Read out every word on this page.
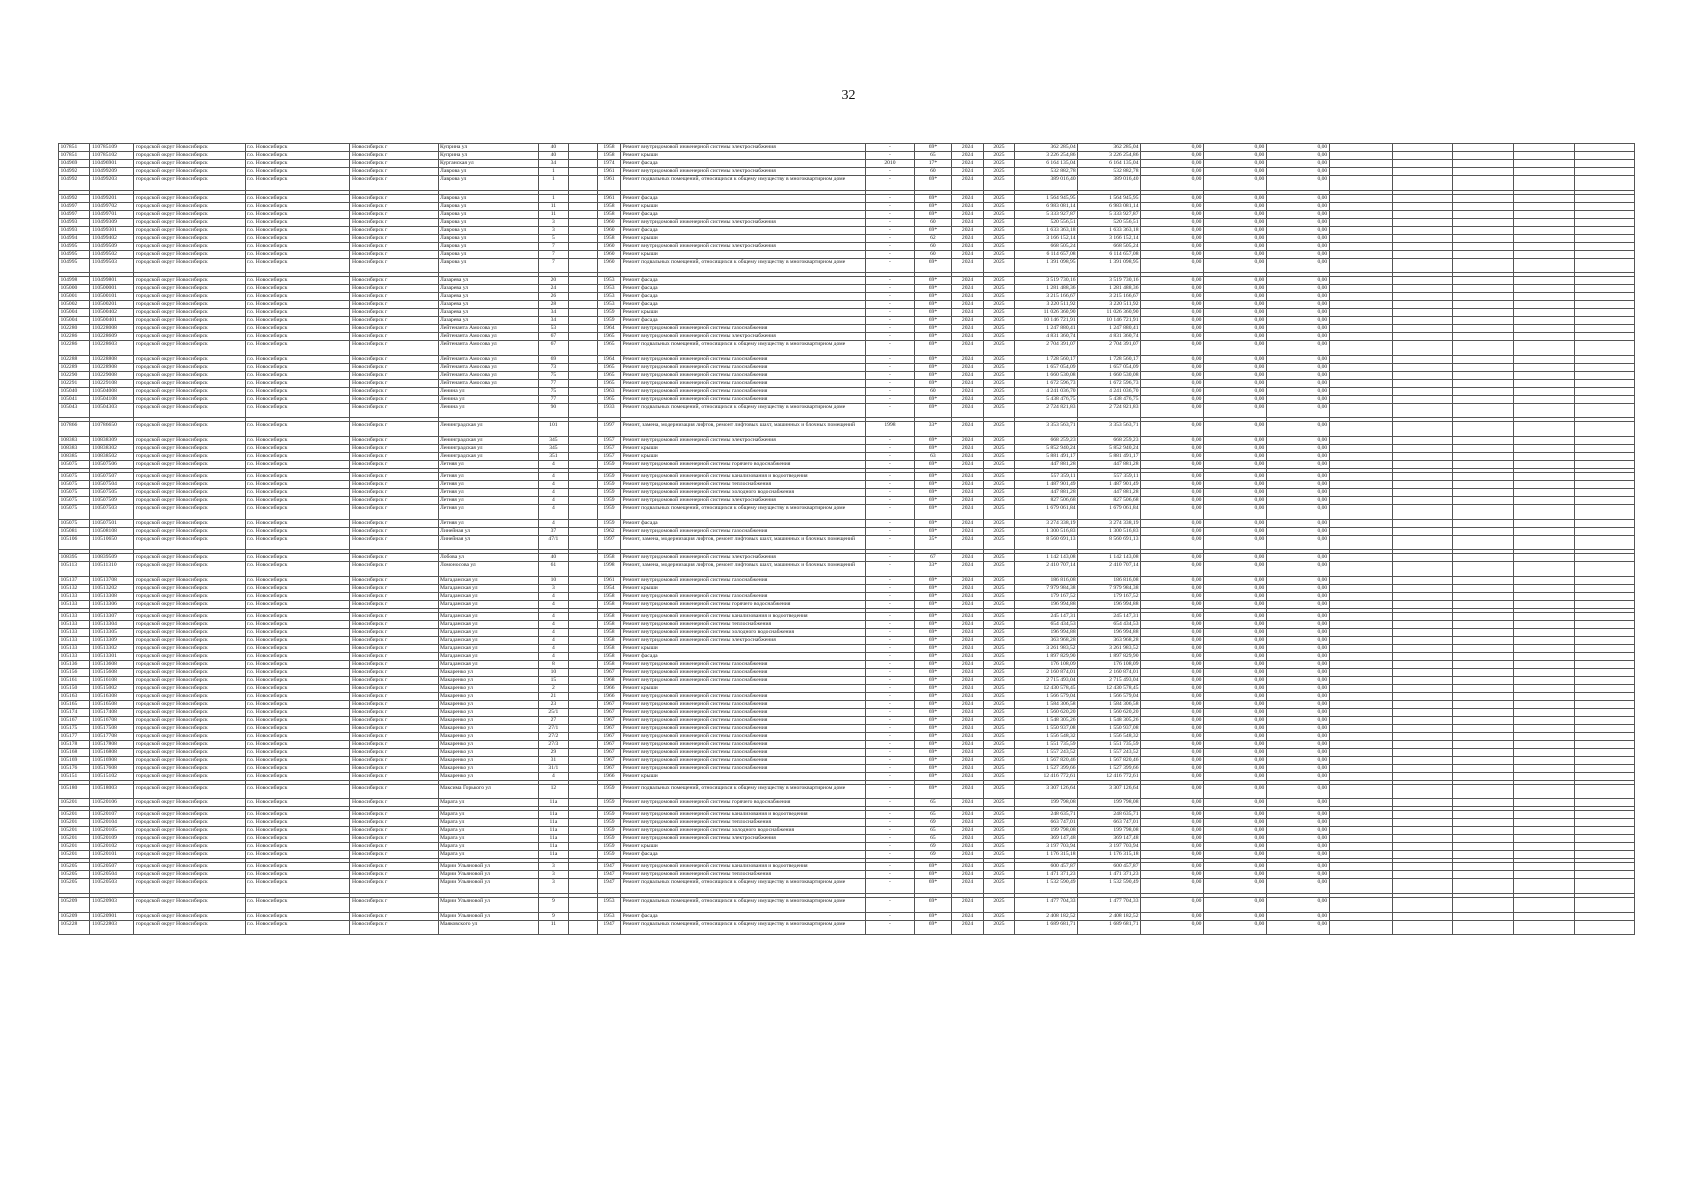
32
107851	110785109	городской округ Новосибирск	г.о. Новосибирск	Новосибирск г	Куприна ул	40		1958	Ремонт внутридомовой инженерной системы электроснабжения	-	69*	2024	2025	362 285,04	362 285,04	0,00	0,00	0,00					
107851	110785102	городской округ Новосибирск	г.о. Новосибирск	Новосибирск г	Куприна ул	40		1958	Ремонт крыши	-	65	2024	2025	3 226 254,86	3 226 254,86	0,00	0,00	0,00					
104969	110496901	городской округ Новосибирск	г.о. Новосибирск	Новосибирск г	Курганская ул	34		1974	Ремонт фасада	2010	17*	2024	2025	6 164 135,04	6 164 135,04	0,00	0,00	0,00					
104992	110499209	городской округ Новосибирск	г.о. Новосибирск	Новосибирск г	Лаврова ул	1		1961	Ремонт внутридомовой инженерной системы электроснабжения	-	60	2024	2025	532 882,78	532 882,78	0,00	0,00	0,00					
104992	110499203	городской округ Новосибирск	г.о. Новосибирск	Новосибирск г	Лаврова ул	1		1961	Ремонт подвальных помещений, относящихся к общему имуществу в многоквартирном доме	-	69*	2024	2025	389 016,40	389 016,40	0,00	0,00	0,00					

104992	110499201	городской округ Новосибирск	г.о. Новосибирск	Новосибирск г	Лаврова ул	1		1961	Ремонт фасада	-	69*	2024	2025	1 564 945,95	1 564 945,95	0,00	0,00	0,00					
104997	110499702	городской округ Новосибирск	г.о. Новосибирск	Новосибирск г	Лаврова ул	11		1958	Ремонт крыши	-	69*	2024	2025	6 983 081,14	6 983 081,14	0,00	0,00	0,00					
104997	110499701	городской округ Новосибирск	г.о. Новосибирск	Новосибирск г	Лаврова ул	11		1958	Ремонт фасада	-	69*	2024	2025	5 333 927,87	5 333 927,87	0,00	0,00	0,00					
104993	110499309	городской округ Новосибирск	г.о. Новосибирск	Новосибирск г	Лаврова ул	3		1960	Ремонт внутридомовой инженерной системы электроснабжения	-	60	2024	2025	520 556,51	520 556,51	0,00	0,00	0,00					
104993	110499301	городской округ Новосибирск	г.о. Новосибирск	Новосибирск г	Лаврова ул	3		1960	Ремонт фасада	-	69*	2024	2025	1 633 363,18	1 633 363,18	0,00	0,00	0,00					
104994	110499402	городской округ Новосибирск	г.о. Новосибирск	Новосибирск г	Лаврова ул	5		1958	Ремонт крыши	-	62	2024	2025	3 166 152,14	3 166 152,14	0,00	0,00	0,00					
104995	110499509	городской округ Новосибирск	г.о. Новосибирск	Новосибирск г	Лаврова ул	7		1960	Ремонт внутридомовой инженерной системы электроснабжения	-	60	2024	2025	668 505,24	668 505,24	0,00	0,00	0,00					
104995	110499502	городской округ Новосибирск	г.о. Новосибирск	Новосибирск г	Лаврова ул	7		1960	Ремонт крыши	-	60	2024	2025	6 114 657,08	6 114 657,08	0,00	0,00	0,00					
104995	110499503	городской округ Новосибирск	г.о. Новосибирск	Новосибирск г	Лаврова ул	7		1960	Ремонт подвальных помещений, относящихся к общему имуществу в многоквартирном доме	-	69*	2024	2025	1 391 098,95	1 391 098,95	0,00	0,00	0,00					

104998	110499801	городской округ Новосибирск	г.о. Новосибирск	Новосибирск г	Лазарева ул	20		1953	Ремонт фасада	-	69*	2024	2025	3 519 730,16	3 519 730,16	0,00	0,00	0,00					
105000	110500001	городской округ Новосибирск	г.о. Новосибирск	Новосибирск г	Лазарева ул	24		1953	Ремонт фасада	-	69*	2024	2025	1 281 488,36	1 281 488,36	0,00	0,00	0,00					
105001	110500101	городской округ Новосибирск	г.о. Новосибирск	Новосибирск г	Лазарева ул	26		1953	Ремонт фасада	-	69*	2024	2025	3 215 166,67	3 215 166,67	0,00	0,00	0,00					
105002	110500201	городской округ Новосибирск	г.о. Новосибирск	Новосибирск г	Лазарева ул	28		1953	Ремонт фасада	-	69*	2024	2025	3 220 511,92	3 220 511,92	0,00	0,00	0,00					
105004	110500402	городской округ Новосибирск	г.о. Новосибирск	Новосибирск г	Лазарева ул	34		1959	Ремонт крыши	-	69*	2024	2025	11 026 360,90	11 026 360,90	0,00	0,00	0,00					
105004	110500401	городской округ Новосибирск	г.о. Новосибирск	Новосибирск г	Лазарева ул	34		1959	Ремонт фасада	-	69*	2024	2025	10 146 721,91	10 146 721,91	0,00	0,00	0,00					
102280	110228008	городской округ Новосибирск	г.о. Новосибирск	Новосибирск г	Лейтенанта Амосова ул	53		1964	Ремонт внутридомовой инженерной системы газоснабжения	-	69*	2024	2025	1 247 880,41	1 247 880,41	0,00	0,00	0,00					
102286	110228609	городской округ Новосибирск	г.о. Новосибирск	Новосибирск г	Лейтенанта Амосова ул	67		1965	Ремонт внутридомовой инженерной системы электроснабжения	-	69*	2024	2025	4 831 360,74	4 831 360,74	0,00	0,00	0,00					
102286	110228603	городской округ Новосибирск	г.о. Новосибирск	Новосибирск г	Лейтенанта Амосова ул	67		1965	Ремонт подвальных помещений, относящихся к общему имуществу в многоквартирном доме	-	69*	2024	2025	2 704 391,07	2 704 391,07	0,00	0,00	0,00					
102288	110228808	городской округ Новосибирск	г.о. Новосибирск	Новосибирск г	Лейтенанта Амосова ул	69		1964	Ремонт внутридомовой инженерной системы газоснабжения	-	69*	2024	2025	1 728 560,17	1 728 560,17	0,00	0,00	0,00					
102289	110228908	городской округ Новосибирск	г.о. Новосибирск	Новосибирск г	Лейтенанта Амосова ул	73		1965	Ремонт внутридомовой инженерной системы газоснабжения	-	69*	2024	2025	1 657 054,09	1 657 054,09	0,00	0,00	0,00					
102290	110229008	городской округ Новосибирск	г.о. Новосибирск	Новосибирск г	Лейтенанта Амосова ул	75		1965	Ремонт внутридомовой инженерной системы газоснабжения	-	69*	2024	2025	1 660 530,08	1 660 530,08	0,00	0,00	0,00					
102291	110229108	городской округ Новосибирск	г.о. Новосибирск	Новосибирск г	Лейтенанта Амосова ул	77		1965	Ремонт внутридомовой инженерной системы газоснабжения	-	69*	2024	2025	1 672 596,73	1 672 596,73	0,00	0,00	0,00					
105040	110504008	городской округ Новосибирск	г.о. Новосибирск	Новосибирск г	Ленина ул	75		1963	Ремонт внутридомовой инженерной системы газоснабжения	-	60	2024	2025	4 241 036,70	4 241 036,70	0,00	0,00	0,00					
105041	110504108	городской округ Новосибирск	г.о. Новосибирск	Новосибирск г	Ленина ул	77		1965	Ремонт внутридомовой инженерной системы газоснабжения	-	69*	2024	2025	5 438 476,75	5 438 476,75	0,00	0,00	0,00					
105043	110504303	городской округ Новосибирск	г.о. Новосибирск	Новосибирск г	Ленина ул	90		1933	Ремонт подвальных помещений, относящихся к общему имуществу в многоквартирном доме	-	69*	2024	2025	2 724 821,83	2 724 821,83	0,00	0,00	0,00					

107866	110786650	городской округ Новосибирск	г.о. Новосибирск	Новосибирск г	Ленинградская ул	101		1997	Ремонт, замена, модернизация лифтов, ремонт лифтовых шахт, машинных и блочных помещений	1998	33*	2024	2025	3 353 563,71	3 353 563,71	0,00	0,00	0,00					
108383	110838309	городской округ Новосибирск	г.о. Новосибирск	Новосибирск г	Ленинградская ул	345		1957	Ремонт внутридомовой инженерной системы электроснабжения	-	69*	2024	2025	668 259,23	668 259,23	0,00	0,00	0,00					
108383	110838302	городской округ Новосибирск	г.о. Новосибирск	Новосибирск г	Ленинградская ул	345		1957	Ремонт крыши	-	69*	2024	2025	5 852 940,24	5 852 940,24	0,00	0,00	0,00					
108385	110838502	городской округ Новосибирск	г.о. Новосибирск	Новосибирск г	Ленинградская ул	351		1957	Ремонт крыши	-	63	2024	2025	5 881 491,17	5 881 491,17	0,00	0,00	0,00					
105075	110507506	городской округ Новосибирск	г.о. Новосибирск	Новосибирск г	Летняя ул	4		1959	Ремонт внутридомовой инженерной системы горячего водоснабжения	-	69*	2024	2025	447 881,28	447 881,28	0,00	0,00	0,00					

105075	110507507	городской округ Новосибирск	г.о. Новосибирск	Новосибирск г	Летняя ул	4		1959	Ремонт внутридомовой инженерной системы канализования и водоотведения	-	69*	2024	2025	557 359,11	557 359,11	0,00	0,00	0,00					
105075	110507504	городской округ Новосибирск	г.о. Новосибирск	Новосибирск г	Летняя ул	4		1959	Ремонт внутридомовой инженерной системы теплоснабжения	-	69*	2024	2025	1 487 901,49	1 487 901,49	0,00	0,00	0,00					
105075	110507505	городской округ Новосибирск	г.о. Новосибирск	Новосибирск г	Летняя ул	4		1959	Ремонт внутридомовой инженерной системы холодного водоснабжения	-	69*	2024	2025	447 881,28	447 881,28	0,00	0,00	0,00					
105075	110507509	городской округ Новосибирск	г.о. Новосибирск	Новосибирск г	Летняя ул	4		1959	Ремонт внутридомовой инженерной системы электроснабжения	-	69*	2024	2025	827 506,68	827 506,68	0,00	0,00	0,00					
105075	110507503	городской округ Новосибирск	г.о. Новосибирск	Новосибирск г	Летняя ул	4		1959	Ремонт подвальных помещений, относящихся к общему имуществу в многоквартирном доме	-	69*	2024	2025	1 679 061,84	1 679 061,84	0,00	0,00	0,00					
105075	110507501	городской округ Новосибирск	г.о. Новосибирск	Новосибирск г	Летняя ул	4		1959	Ремонт фасада	-	69*	2024	2025	3 274 338,19	3 274 338,19	0,00	0,00	0,00					
105081	110508108	городской округ Новосибирск	г.о. Новосибирск	Новосибирск г	Линейная ул	37		1962	Ремонт внутридомовой инженерной системы газоснабжения	-	69*	2024	2025	1 300 516,83	1 300 516,83	0,00	0,00	0,00					
105106	110510650	городской округ Новосибирск	г.о. Новосибирск	Новосибирск г	Линейная ул	47/1		1997	Ремонт, замена, модернизация лифтов, ремонт лифтовых шахт, машинных и блочных помещений	-	35*	2024	2025	8 560 691,13	8 560 691,13	0,00	0,00	0,00					

108395	110839509	городской округ Новосибирск	г.о. Новосибирск	Новосибирск г	Лобова ул	40		1958	Ремонт внутридомовой инженерной системы электроснабжения	-	67	2024	2025	1 142 143,08	1 142 143,08	0,00	0,00	0,00					
105113	110511310	городской округ Новосибирск	г.о. Новосибирск	Новосибирск г	Ломоносова ул	61		1998	Ремонт, замена, модернизация лифтов, ремонт лифтовых шахт, машинных и блочных помещений	-	33*	2024	2025	2 410 707,14	2 410 707,14	0,00	0,00	0,00					
105137	110513708	городской округ Новосибирск	г.о. Новосибирск	Новосибирск г	Магаданская ул	10		1961	Ремонт внутридомовой инженерной системы газоснабжения	-	69*	2024	2025	186 816,08	186 816,08	0,00	0,00	0,00					
105132	110513202	городской округ Новосибирск	г.о. Новосибирск	Новосибирск г	Магаданская ул	3		1954	Ремонт крыши	-	69*	2024	2025	7 979 984,38	7 979 984,38	0,00	0,00	0,00					
105133	110513308	городской округ Новосибирск	г.о. Новосибирск	Новосибирск г	Магаданская ул	4		1958	Ремонт внутридомовой инженерной системы газоснабжения	-	69*	2024	2025	179 167,52	179 167,52	0,00	0,00	0,00					
105133	110513306	городской округ Новосибирск	г.о. Новосибирск	Новосибирск г	Магаданская ул	4		1958	Ремонт внутридомовой инженерной системы горячего водоснабжения	-	69*	2024	2025	196 994,88	196 994,88	0,00	0,00	0,00					

105133	110513307	городской округ Новосибирск	г.о. Новосибирск	Новосибирск г	Магаданская ул	4		1958	Ремонт внутридомовой инженерной системы канализования и водоотведения	-	69*	2024	2025	245 147,31	245 147,31	0,00	0,00	0,00					
105133	110513304	городской округ Новосибирск	г.о. Новосибирск	Новосибирск г	Магаданская ул	4		1958	Ремонт внутридомовой инженерной системы теплоснабжения	-	69*	2024	2025	654 434,53	654 434,53	0,00	0,00	0,00					
105133	110513305	городской округ Новосибирск	г.о. Новосибирск	Новосибирск г	Магаданская ул	4		1958	Ремонт внутридомовой инженерной системы холодного водоснабжения	-	69*	2024	2025	196 994,88	196 994,88	0,00	0,00	0,00					
105133	110513309	городской округ Новосибирск	г.о. Новосибирск	Новосибирск г	Магаданская ул	4		1958	Ремонт внутридомовой инженерной системы электроснабжения	-	69*	2024	2025	363 968,28	363 968,28	0,00	0,00	0,00					
105133	110513302	городской округ Новосибирск	г.о. Новосибирск	Новосибирск г	Магаданская ул	4		1958	Ремонт крыши	-	69*	2024	2025	3 261 983,52	3 261 983,52	0,00	0,00	0,00					
105133	110513301	городской округ Новосибирск	г.о. Новосибирск	Новосибирск г	Магаданская ул	4		1958	Ремонт фасада	-	69*	2024	2025	1 897 829,90	1 897 829,90	0,00	0,00	0,00					
105136	110513608	городской округ Новосибирск	г.о. Новосибирск	Новосибирск г	Магаданская ул	8		1958	Ремонт внутридомовой инженерной системы газоснабжения	-	69*	2024	2025	176 108,09	176 108,09	0,00	0,00	0,00					
105156	110515608	городской округ Новосибирск	г.о. Новосибирск	Новосибирск г	Макаренко ул	10		1967	Ремонт внутридомовой инженерной системы газоснабжения	-	69*	2024	2025	2 160 874,01	2 160 874,01	0,00	0,00	0,00					
105161	110516108	городской округ Новосибирск	г.о. Новосибирск	Новосибирск г	Макаренко ул	15		1968	Ремонт внутридомовой инженерной системы газоснабжения	-	69*	2024	2025	2 715 493,04	2 715 493,04	0,00	0,00	0,00					
105150	110515002	городской округ Новосибирск	г.о. Новосибирск	Новосибирск г	Макаренко ул	2		1966	Ремонт крыши	-	69*	2024	2025	12 430 578,45	12 430 578,45	0,00	0,00	0,00					
105163	110516308	городской округ Новосибирск	г.о. Новосибирск	Новосибирск г	Макаренко ул	21		1966	Ремонт внутридомовой инженерной системы газоснабжения	-	69*	2024	2025	1 566 579,04	1 566 579,04	0,00	0,00	0,00					
105165	110516508	городской округ Новосибирск	г.о. Новосибирск	Новосибирск г	Макаренко ул	23		1967	Ремонт внутридомовой инженерной системы газоснабжения	-	69*	2024	2025	1 584 306,58	1 584 306,58	0,00	0,00	0,00					
105174	110517408	городской округ Новосибирск	г.о. Новосибирск	Новосибирск г	Макаренко ул	25/1		1967	Ремонт внутридомовой инженерной системы газоснабжения	-	69*	2024	2025	1 560 620,20	1 560 620,20	0,00	0,00	0,00					
105167	110516708	городской округ Новосибирск	г.о. Новосибирск	Новосибирск г	Макаренко ул	27		1967	Ремонт внутридомовой инженерной системы газоснабжения	-	69*	2024	2025	1 548 305,26	1 548 305,26	0,00	0,00	0,00					
105175	110517508	городской округ Новосибирск	г.о. Новосибирск	Новосибирск г	Макаренко ул	27/1		1967	Ремонт внутридомовой инженерной системы газоснабжения	-	69*	2024	2025	1 550 937,08	1 550 937,08	0,00	0,00	0,00					
105177	110517708	городской округ Новосибирск	г.о. Новосибирск	Новосибирск г	Макаренко ул	27/2		1967	Ремонт внутридомовой инженерной системы газоснабжения	-	69*	2024	2025	1 556 548,32	1 556 548,32	0,00	0,00	0,00					
105178	110517808	городской округ Новосибирск	г.о. Новосибирск	Новосибирск г	Макаренко ул	27/3		1967	Ремонт внутридомовой инженерной системы газоснабжения	-	69*	2024	2025	1 551 735,59	1 551 735,59	0,00	0,00	0,00					
105168	110516808	городской округ Новосибирск	г.о. Новосибирск	Новосибирск г	Макаренко ул	29		1967	Ремонт внутридомовой инженерной системы газоснабжения	-	69*	2024	2025	1 557 243,52	1 557 243,52	0,00	0,00	0,00					
105169	110516908	городской округ Новосибирск	г.о. Новосибирск	Новосибирск г	Макаренко ул	31		1967	Ремонт внутридомовой инженерной системы газоснабжения	-	69*	2024	2025	1 567 820,46	1 567 820,46	0,00	0,00	0,00					
105176	110517608	городской округ Новосибирск	г.о. Новосибирск	Новосибирск г	Макаренко ул	31/1		1967	Ремонт внутридомовой инженерной системы газоснабжения	-	69*	2024	2025	1 527 399,66	1 527 399,66	0,00	0,00	0,00					
105151	110515102	городской округ Новосибирск	г.о. Новосибирск	Новосибирск г	Макаренко ул	4		1966	Ремонт крыши	-	69*	2024	2025	12 416 772,61	12 416 772,61	0,00	0,00	0,00					

105180	110518003	городской округ Новосибирск	г.о. Новосибирск	Новосибирск г	Максима Горького ул	12		1959	Ремонт подвальных помещений, относящихся к общему имуществу в многоквартирном доме	-	69*	2024	2025	3 307 126,64	3 307 126,64	0,00	0,00	0,00					
105201	110520106	городской округ Новосибирск	г.о. Новосибирск	Новосибирск г	Марата ул	11а		1959	Ремонт внутридомовой инженерной системы горячего водоснабжения	-	65	2024	2025	199 798,08	199 798,08	0,00	0,00	0,00					

105201	110520107	городской округ Новосибирск	г.о. Новосибирск	Новосибирск г	Марата ул	11а		1959	Ремонт внутридомовой инженерной системы канализования и водоотведения	-	65	2024	2025	248 635,71	248 635,71	0,00	0,00	0,00					
105201	110520104	городской округ Новосибирск	г.о. Новосибирск	Новосибирск г	Марата ул	11а		1959	Ремонт внутридомовой инженерной системы теплоснабжения	-	69	2024	2025	663 747,01	663 747,01	0,00	0,00	0,00					
105201	110520105	городской округ Новосибирск	г.о. Новосибирск	Новосибирск г	Марата ул	11а		1959	Ремонт внутридомовой инженерной системы холодного водоснабжения	-	65	2024	2025	199 798,08	199 798,08	0,00	0,00	0,00					
105201	110520109	городской округ Новосибирск	г.о. Новосибирск	Новосибирск г	Марата ул	11а		1959	Ремонт внутридомовой инженерной системы электроснабжения	-	65	2024	2025	369 147,48	369 147,48	0,00	0,00	0,00					
105201	110520102	городской округ Новосибирск	г.о. Новосибирск	Новосибирск г	Марата ул	11а		1959	Ремонт крыши	-	69	2024	2025	3 197 703,94	3 197 703,94	0,00	0,00	0,00					
105201	110520101	городской округ Новосибирск	г.о. Новосибирск	Новосибирск г	Марата ул	11а		1959	Ремонт фасада	-	69	2024	2025	1 176 315,18	1 176 315,18	0,00	0,00	0,00					

105205	110520507	городской округ Новосибирск	г.о. Новосибирск	Новосибирск г	Марии Ульяновой ул	3		1947	Ремонт внутридомовой инженерной системы канализования и водоотведения	-	69*	2024	2025	600 457,87	600 457,87	0,00	0,00	0,00					
105205	110520504	городской округ Новосибирск	г.о. Новосибирск	Новосибирск г	Марии Ульяновой ул	3		1947	Ремонт внутридомовой инженерной системы теплоснабжения	-	69*	2024	2025	1 471 371,23	1 471 371,23	0,00	0,00	0,00					
105205	110520503	городской округ Новосибирск	г.о. Новосибирск	Новосибирск г	Марии Ульяновой ул	3		1947	Ремонт подвальных помещений, относящихся к общему имуществу в многоквартирном доме	-	69*	2024	2025	1 532 590,49	1 532 590,49	0,00	0,00	0,00					

105209	110520903	городской округ Новосибирск	г.о. Новосибирск	Новосибирск г	Марии Ульяновой ул	9		1953	Ремонт подвальных помещений, относящихся к общему имуществу в многоквартирном доме	-	69*	2024	2025	1 477 704,33	1 477 704,33	0,00	0,00	0,00					
105209	110520901	городской округ Новосибирск	г.о. Новосибирск	Новосибирск г	Марии Ульяновой ул	9		1953	Ремонт фасада	-	69*	2024	2025	2 408 182,52	2 408 182,52	0,00	0,00	0,00					
105228	110522803	городской округ Новосибирск	г.о. Новосибирск	Новосибирск г	Маяковского ул	11		1947	Ремонт подвальных помещений, относящихся к общему имуществу в многоквартирном доме	-	69*	2024	2025	1 689 681,71	1 689 681,71	0,00	0,00	0,00					
